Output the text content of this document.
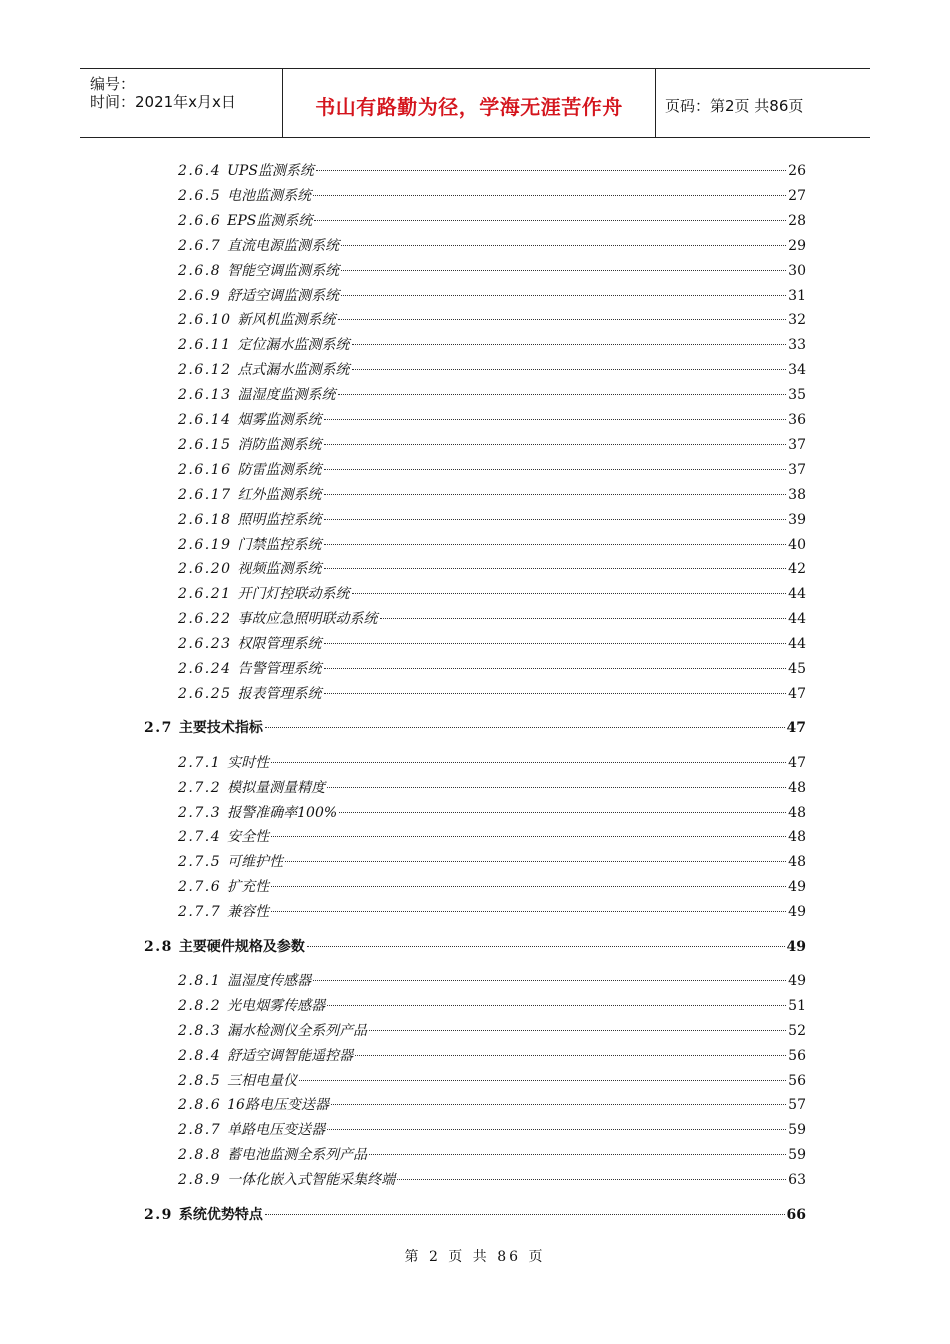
编号：
时间：2021年x月x日	书山有路勤为径，学海无涯苦作舟	页码：第2页 共86页
2.6.4 UPS监测系统	26
2.6.5 电池监测系统	27
2.6.6 EPS监测系统	28
2.6.7 直流电源监测系统	29
2.6.8 智能空调监测系统	30
2.6.9 舒适空调监测系统	31
2.6.10 新风机监测系统	32
2.6.11 定位漏水监测系统	33
2.6.12 点式漏水监测系统	34
2.6.13 温湿度监测系统	35
2.6.14 烟雾监测系统	36
2.6.15 消防监测系统	37
2.6.16 防雷监测系统	37
2.6.17 红外监测系统	38
2.6.18 照明监控系统	39
2.6.19 门禁监控系统	40
2.6.20 视频监测系统	42
2.6.21 开门灯控联动系统	44
2.6.22 事故应急照明联动系统	44
2.6.23 权限管理系统	44
2.6.24 告警管理系统	45
2.6.25 报表管理系统	47
2.7 主要技术指标	47
2.7.1 实时性	47
2.7.2 模拟量测量精度	48
2.7.3 报警准确率100%	48
2.7.4 安全性	48
2.7.5 可维护性	48
2.7.6 扩充性	49
2.7.7 兼容性	49
2.8 主要硬件规格及参数	49
2.8.1 温湿度传感器	49
2.8.2 光电烟雾传感器	51
2.8.3 漏水检测仪全系列产品	52
2.8.4 舒适空调智能遥控器	56
2.8.5 三相电量仪	56
2.8.6 16路电压变送器	57
2.8.7 单路电压变送器	59
2.8.8 蓄电池监测全系列产品	59
2.8.9 一体化嵌入式智能采集终端	63
2.9 系统优势特点	66
第 2 页 共 86 页
